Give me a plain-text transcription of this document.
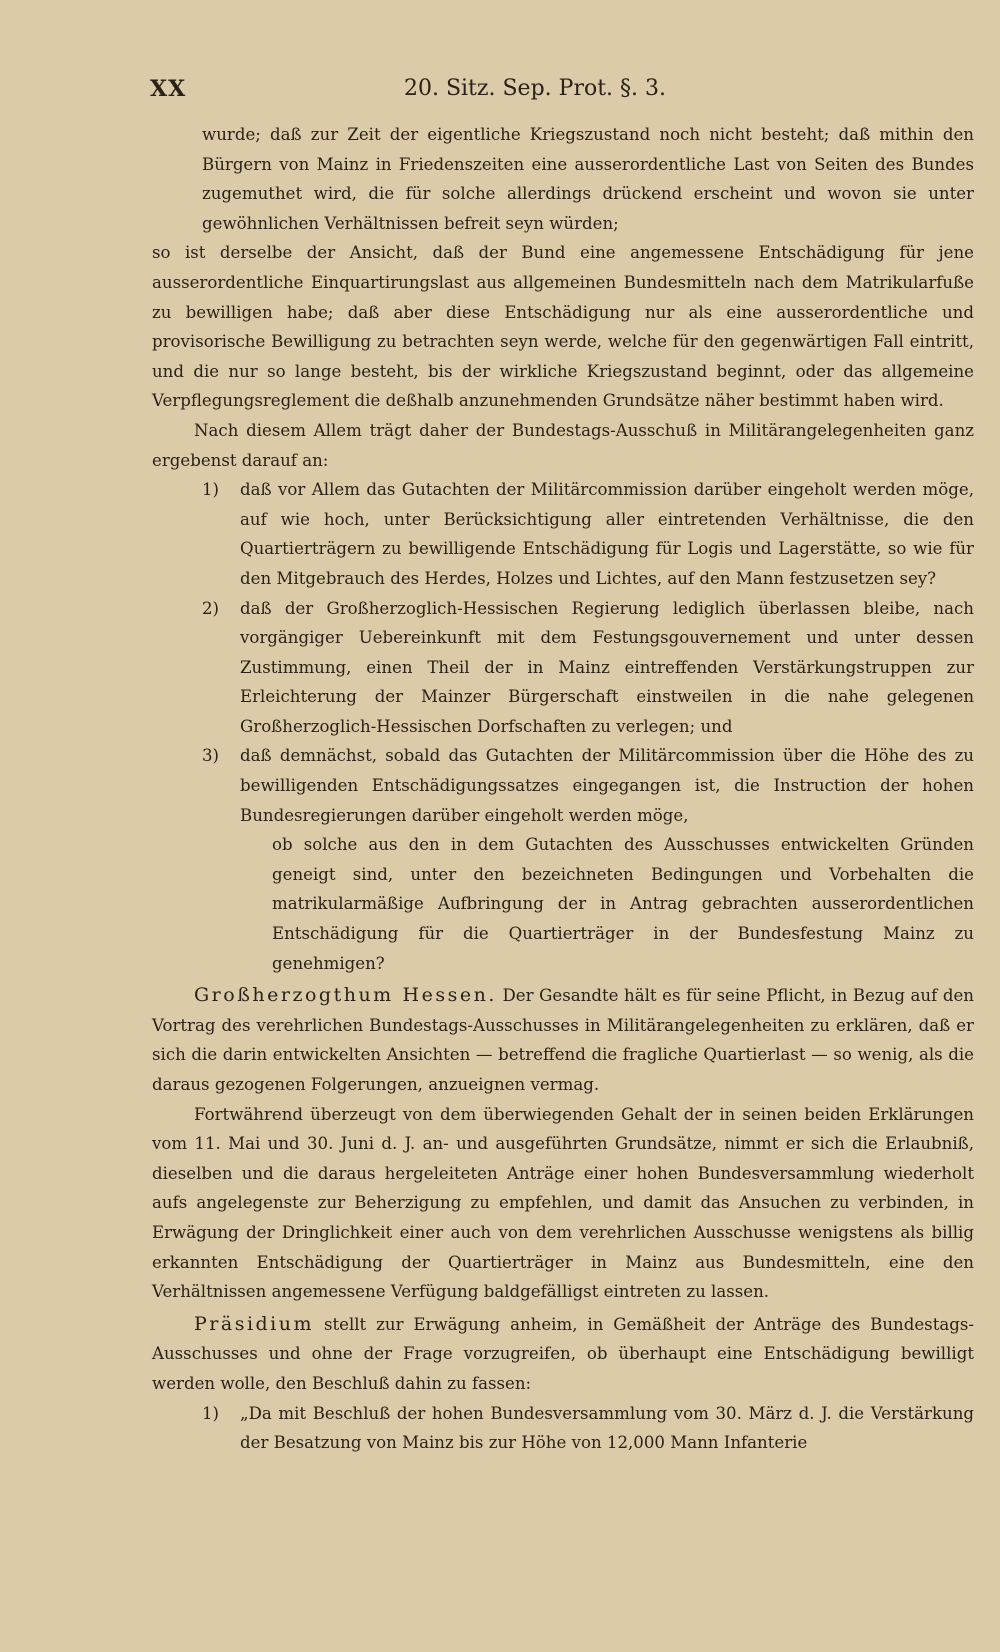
XX	20. Sitz. Sep. Prot. §. 3.

wurde; daß zur Zeit der eigentliche Kriegszustand noch nicht besteht; daß mithin den Bürgern von Mainz in Friedenszeiten eine ausserordentliche Last von Seiten des Bundes zugemuthet wird, die für solche allerdings drückend erscheint und wovon sie unter gewöhnlichen Verhältnissen befreit seyn würden;

so ist derselbe der Ansicht, daß der Bund eine angemessene Entschädigung für jene ausserordentliche Einquartirungslast aus allgemeinen Bundesmitteln nach dem Matrikularfuße zu bewilligen habe; daß aber diese Entschädigung nur als eine ausserordentliche und provisorische Bewilligung zu betrachten seyn werde, welche für den gegenwärtigen Fall eintritt, und die nur so lange besteht, bis der wirkliche Kriegszustand beginnt, oder das allgemeine Verpflegungsreglement die deßhalb anzunehmenden Grundsätze näher bestimmt haben wird.

Nach diesem Allem trägt daher der Bundestags-Ausschuß in Militärangelegenheiten ganz ergebenst darauf an:

1) daß vor Allem das Gutachten der Militärcommission darüber eingeholt werden möge, auf wie hoch, unter Berücksichtigung aller eintretenden Verhältnisse, die den Quartierträgern zu bewilligende Entschädigung für Logis und Lagerstätte, so wie für den Mitgebrauch des Herdes, Holzes und Lichtes, auf den Mann festzusetzen sey?
2) daß der Großherzoglich-Hessischen Regierung lediglich überlassen bleibe, nach vorgängiger Uebereinkunft mit dem Festungsgouvernement und unter dessen Zustimmung, einen Theil der in Mainz eintreffenden Verstärkungstruppen zur Erleichterung der Mainzer Bürgerschaft einstweilen in die nahe gelegenen Großherzoglich-Hessischen Dorfschaften zu verlegen; und
3) daß demnächst, sobald das Gutachten der Militärcommission über die Höhe des zu bewilligenden Entschädigungssatzes eingegangen ist, die Instruction der hohen Bundesregierungen darüber eingeholt werden möge,

ob solche aus den in dem Gutachten des Ausschusses entwickelten Gründen geneigt sind, unter den bezeichneten Bedingungen und Vorbehalten die matrikularmäßige Aufbringung der in Antrag gebrachten ausserordentlichen Entschädigung für die Quartierträger in der Bundesfestung Mainz zu genehmigen?

Großherzogthum Hessen. Der Gesandte hält es für seine Pflicht, in Bezug auf den Vortrag des verehrlichen Bundestags-Ausschusses in Militärangelegenheiten zu erklären, daß er sich die darin entwickelten Ansichten — betreffend die fragliche Quartierlast — so wenig, als die daraus gezogenen Folgerungen, anzueignen vermag.

Fortwährend überzeugt von dem überwiegenden Gehalt der in seinen beiden Erklärungen vom 11. Mai und 30. Juni d. J. an- und ausgeführten Grundsätze, nimmt er sich die Erlaubniß, dieselben und die daraus hergeleiteten Anträge einer hohen Bundesversammlung wiederholt aufs angelegenste zur Beherzigung zu empfehlen, und damit das Ansuchen zu verbinden, in Erwägung der Dringlichkeit einer auch von dem verehrlichen Ausschusse wenigstens als billig erkannten Entschädigung der Quartierträger in Mainz aus Bundesmitteln, eine den Verhältnissen angemessene Verfügung baldgefälligst eintreten zu lassen.

Präsidium stellt zur Erwägung anheim, in Gemäßheit der Anträge des Bundestags-Ausschusses und ohne der Frage vorzugreifen, ob überhaupt eine Entschädigung bewilligt werden wolle, den Beschluß dahin zu fassen:

1) „Da mit Beschluß der hohen Bundesversammlung vom 30. März d. J. die Verstärkung der Besatzung von Mainz bis zur Höhe von 12,000 Mann Infanterie
